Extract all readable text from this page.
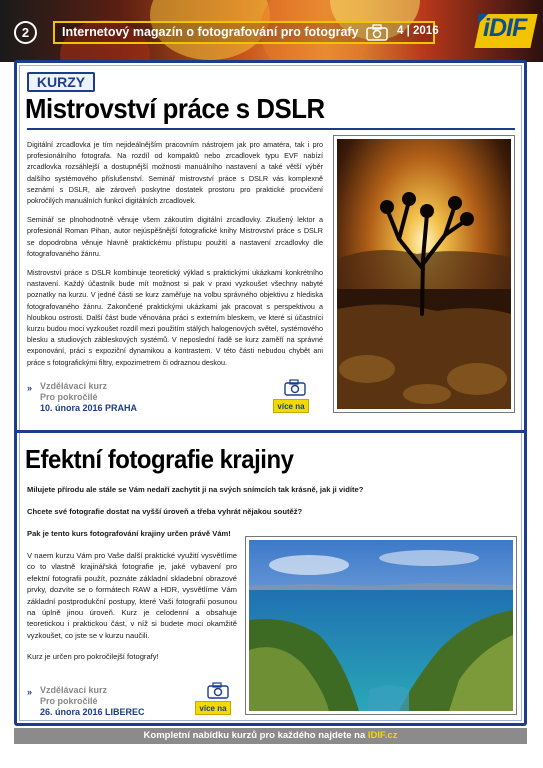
2	Internetový magazín o fotografování pro fotografy	4 | 2016 iDIF
KURZY
Mistrovství práce s DSLR

Digitální zrcadlovka je tím nejideálnějším pracovním nástrojem jak pro amatéra, tak i pro profesionálního fotografa. Na rozdíl od kompaktů nebo zrcadlovek typu EVF nabízí zrcadlovka rozsáhlejší a dostupnější možnosti manuálního nastavení a také větší výběr dalšího systémového příslušenství. Seminář mistrovství práce s DSLR vás komplexně seznámí s DSLR, ale zároveň poskytne dostatek prostoru pro praktické procvičení pokročilých manuálních funkcí digitálních zrcadlovek.

Seminář se plnohodnotně věnuje všem zákoutím digitální zrcadlovky. Zkušený lektor a profesionál Roman Pihan, autor nejúspěšnější fotografické knihy Mistrovství práce s DSLR se dopodrobna věnuje hlavně praktickému přístupu použití a nastavení zrcadlovky dle fotografovaného žánru.

Mistrovství práce s DSLR kombinuje teoretický výklad s praktickými ukázkami konkrétního nastavení. Každý účastník bude mít možnost si pak v praxi vyzkoušet všechny nabyté poznatky na kurzu. V jedné části se kurz zaměřuje na volbu správného objektivu z hlediska fotografovaného žánru. Zakončené praktickými ukázkami jak pracovat s perspektivou a hloubkou ostrosti. Další část bude věnována práci s externím bleskem, ve které si účastníci kurzu budou moci vyzkoušet rozdíl mezi použitím stálých halogenových světel, systémového blesku a studiových zábleskových systémů. V neposlední řadě se kurz zaměří na správné exponování, práci s expoziční dynamikou a kontrastem. V této části nebudou chybět ani práce s fotografickými filtry, expozimetrem či odraznou deskou.

» Vzdělávací kurz
Pro pokročilé
10. února 2016 PRAHA	více na
Efektní fotografie krajiny
Milujete přírodu ale stále se Vám nedaří zachytit ji na svých snímcích tak krásně, jak ji vidíte?
Chcete své fotografie dostat na vyšší úroveň a třeba vyhrát nějakou soutěž?
Pak je tento kurs fotografování krajiny určen právě Vám!

V naem kurzu Vám pro Vaše další praktické využití vysvětlíme co to vlastně krajinářská fotografie je, jaké vybavení pro efektní fotografii použít, poznáte základní skladební obrazové prvky, dozvíte se o formátech RAW a HDR, vysvětlíme Vám základní postprodukční postupy, které Vaši fotografii posunou na úplně jinou úroveň. Kurz je celodenní a obsahuje teoretickou i praktickou část, v níž si budete moci okamžitě vyzkoušet, co jste se v kurzu naučili.

Kurz je určen pro pokročilejší fotografy!

» Vzdělávací kurz
Pro pokročilé
26. února 2016 LIBEREC	více na
Kompletní nabídku kurzů pro každého najdete na IDIF.cz
